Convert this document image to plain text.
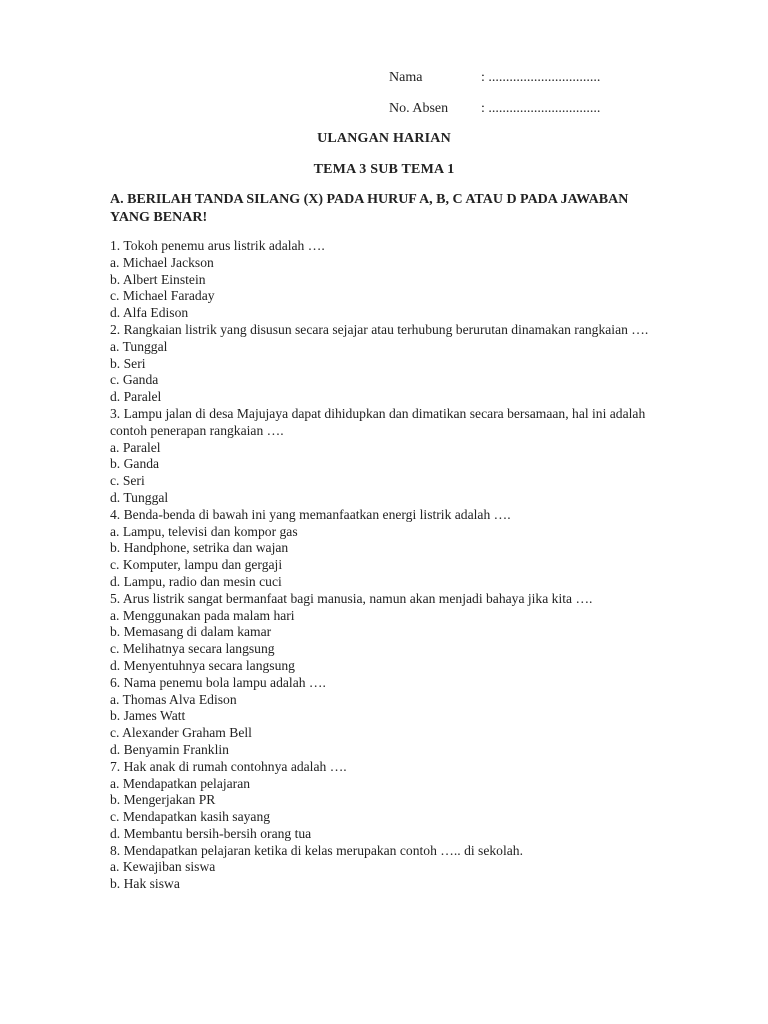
Nama	: ................................
No. Absen : ................................
ULANGAN HARIAN
TEMA 3 SUB TEMA 1
A. BERILAH TANDA SILANG (X) PADA HURUF A, B, C ATAU D PADA JAWABAN YANG BENAR!
1. Tokoh penemu arus listrik adalah ….
a. Michael Jackson
b. Albert Einstein
c. Michael Faraday
d. Alfa Edison
2. Rangkaian listrik yang disusun secara sejajar atau terhubung berurutan dinamakan rangkaian ….
a. Tunggal
b. Seri
c. Ganda
d. Paralel
3. Lampu jalan di desa Majujaya dapat dihidupkan dan dimatikan secara bersamaan, hal ini adalah contoh penerapan rangkaian ….
a. Paralel
b. Ganda
c. Seri
d. Tunggal
4. Benda-benda di bawah ini yang memanfaatkan energi listrik adalah ….
a. Lampu, televisi dan kompor gas
b. Handphone, setrika dan wajan
c. Komputer, lampu dan gergaji
d. Lampu, radio dan mesin cuci
5. Arus listrik sangat bermanfaat bagi manusia, namun akan menjadi bahaya jika kita ….
a. Menggunakan pada malam hari
b. Memasang di dalam kamar
c. Melihatnya secara langsung
d. Menyentuhnya secara langsung
6. Nama penemu bola lampu adalah ….
a. Thomas Alva Edison
b. James Watt
c. Alexander Graham Bell
d. Benyamin Franklin
7. Hak anak di rumah contohnya adalah ….
a. Mendapatkan pelajaran
b. Mengerjakan PR
c. Mendapatkan kasih sayang
d. Membantu bersih-bersih orang tua
8. Mendapatkan pelajaran ketika di kelas merupakan contoh ….. di sekolah.
a. Kewajiban siswa
b. Hak siswa
